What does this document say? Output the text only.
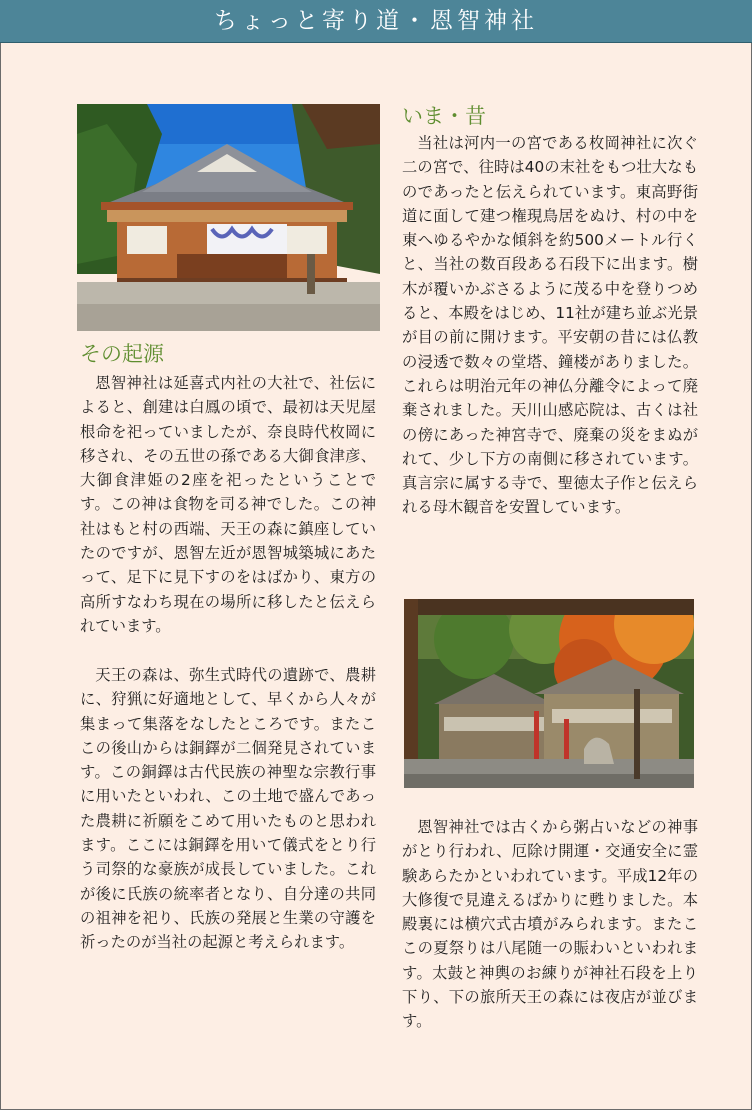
ちょっと寄り道・恩智神社
その起源

恩智神社は延喜式内社の大社で、社伝によると、創建は白鳳の頃で、最初は天児屋根命を祀っていましたが、奈良時代枚岡に移され、その五世の孫である大御食津彦、大御食津姫の2座を祀ったということです。この神は食物を司る神でした。この神社はもと村の西端、天王の森に鎮座していたのですが、恩智左近が恩智城築城にあたって、足下に見下すのをはばかり、東方の高所すなわち現在の場所に移したと伝えられています。

天王の森は、弥生式時代の遺跡で、農耕に、狩猟に好適地として、早くから人々が集まって集落をなしたところです。またここの後山からは銅鐸が二個発見されています。この銅鐸は古代民族の神聖な宗教行事に用いたといわれ、この土地で盛んであった農耕に祈願をこめて用いたものと思われます。ここには銅鐸を用いて儀式をとり行う司祭的な豪族が成長していました。これが後に氏族の統率者となり、自分達の共同の祖神を祀り、氏族の発展と生業の守護を祈ったのが当社の起源と考えられます。

いま・昔

当社は河内一の宮である枚岡神社に次ぐ二の宮で、往時は40の末社をもつ壮大なものであったと伝えられています。東高野街道に面して建つ権現鳥居をぬけ、村の中を東へゆるやかな傾斜を約500メートル行くと、当社の数百段ある石段下に出ます。樹木が覆いかぶさるように茂る中を登りつめると、本殿をはじめ、11社が建ち並ぶ光景が目の前に開けます。平安朝の昔には仏教の浸透で数々の堂塔、鐘楼がありました。これらは明治元年の神仏分離令によって廃棄されました。天川山感応院は、古くは社の傍にあった神宮寺で、廃棄の災をまぬがれて、少し下方の南側に移されています。真言宗に属する寺で、聖徳太子作と伝えられる母木観音を安置しています。

恩智神社では古くから粥占いなどの神事がとり行われ、厄除け開運・交通安全に霊験あらたかといわれています。平成12年の大修復で見違えるばかりに甦りました。本殿裏には横穴式古墳がみられます。またここの夏祭りは八尾随一の賑わいといわれます。太鼓と神輿のお練りが神社石段を上り下り、下の旅所天王の森には夜店が並びます。
